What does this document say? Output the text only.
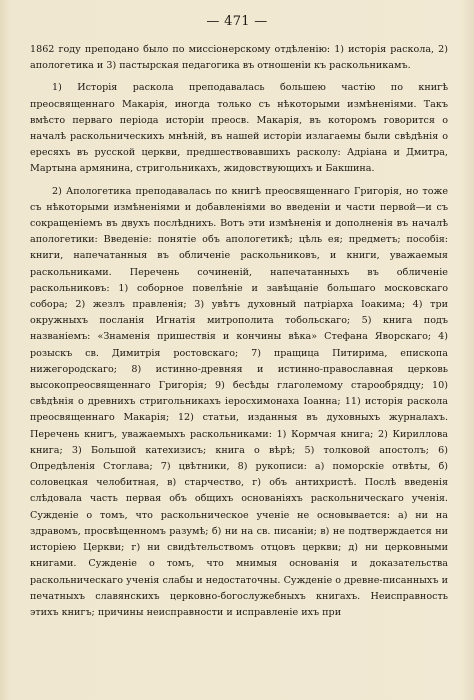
— 471 —

1862 году преподано было по миссіонерскому отдѣленію: 1) исторія раскола, 2) апологетика и 3) пастырская педагогика въ отношеніи къ раскольникамъ.

1) Исторія раскола преподавалась большею частію по книгѣ преосвященнаго Макарія, иногда только съ нѣкоторыми измѣненіями. Такъ вмѣсто перваго періода исторіи преосв. Макарія, въ которомъ говорится о началѣ раскольническихъ мнѣній, въ нашей исторіи излагаемы были свѣдѣнія о ересяхъ въ русской церкви, предшествовавшихъ расколу: Адріана и Дмитра, Мартына армянина, стригольникахъ, жидовствующихъ и Бакшина.

2) Апологетика преподавалась по книгѣ преосвященнаго Григорія, но тоже съ нѣкоторыми измѣненіями и добавленіями во введеніи и части первой—и съ сокращеніемъ въ двухъ послѣднихъ. Вотъ эти измѣненія и дополненія въ началѣ апологетики: Введеніе: понятіе объ апологетикѣ; цѣль ея; предметъ; пособія: книги, напечатанныя въ обличеніе раскольниковъ, и книги, уважаемыя раскольниками. Перечень сочиненій, напечатанныхъ въ обличеніе раскольниковъ: 1) соборное повелѣніе и завѣщаніе большаго московскаго собора; 2) жезлъ правленія; 3) увѣтъ духовный патріарха Іоакима; 4) три окружныхъ посланія Игнатія митрополита тобольскаго; 5) книга подъ названіемъ: «Знаменія пришествія и кончины вѣка» Стефана Яворскаго; 4) розыскъ св. Димитрія ростовскаго; 7) пращица Питирима, епископа нижегородскаго; 8) истинно-древняя и истинно-православная церковь высокопреосвященнаго Григорія; 9) бесѣды глаголемому старообрядцу; 10) свѣдѣнія о древнихъ стригольникахъ іеросхимонаха Іоанна; 11) исторія раскола преосвященнаго Макарія; 12) статьи, изданныя въ духовныхъ журналахъ. Перечень книгъ, уважаемыхъ раскольниками: 1) Кормчая книга; 2) Кириллова книга; 3) Большой катехизисъ; книга о вѣрѣ; 5) толковой апостолъ; 6) Опредѣленія Стоглава; 7) цвѣтники, 8) рукописи: а) поморскіе отвѣты, б) соловецкая челобитная, в) старчество, г) объ антихристѣ. Послѣ введенія слѣдовала часть первая объ общихъ основаніяхъ раскольническаго ученія. Сужденіе о томъ, что раскольническое ученіе не основывается: а) ни на здравомъ, просвѣщенномъ разумѣ; б) ни на св. писаніи; в) не подтверждается ни исторіею Церкви; г) ни свидѣтельствомъ отцовъ церкви; д) ни церковными книгами. Сужденіе о томъ, что мнимыя основанія и доказательства раскольническаго ученія слабы и недостаточны. Сужденіе о древне-писанныхъ и печатныхъ славянскихъ церковно-богослужебныхъ книгахъ. Неисправность этихъ книгъ; причины неисправности и исправленіе ихъ при
